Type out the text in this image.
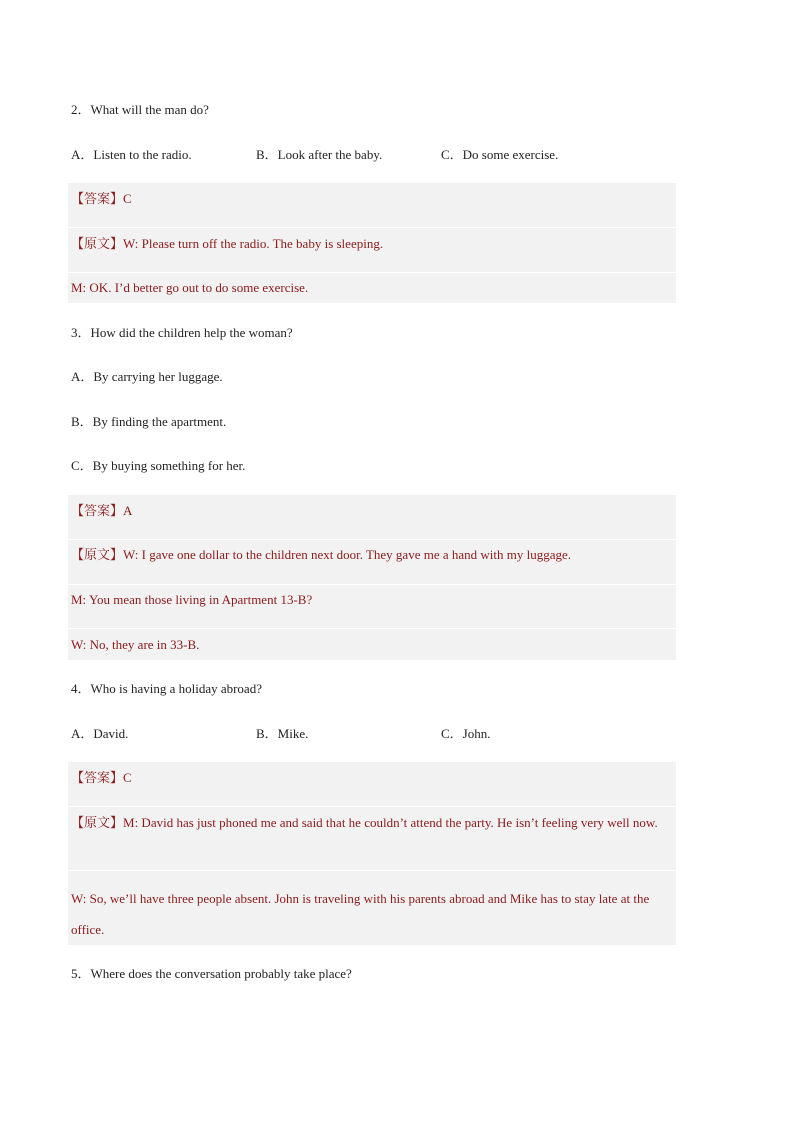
2．What will the man do?
A．Listen to the radio.	B．Look after the baby.	C．Do some exercise.
【答案】C
【原文】W: Please turn off the radio. The baby is sleeping.
M: OK. I’d better go out to do some exercise.
3．How did the children help the woman?
A．By carrying her luggage.
B．By finding the apartment.
C．By buying something for her.
【答案】A
【原文】W: I gave one dollar to the children next door. They gave me a hand with my luggage.
M: You mean those living in Apartment 13-B?
W: No, they are in 33-B.
4．Who is having a holiday abroad?
A．David.	B．Mike.	C．John.
【答案】C
【原文】M: David has just phoned me and said that he couldn’t attend the party. He isn’t feeling very well now.
W: So, we’ll have three people absent. John is traveling with his parents abroad and Mike has to stay late at the office.
5．Where does the conversation probably take place?
